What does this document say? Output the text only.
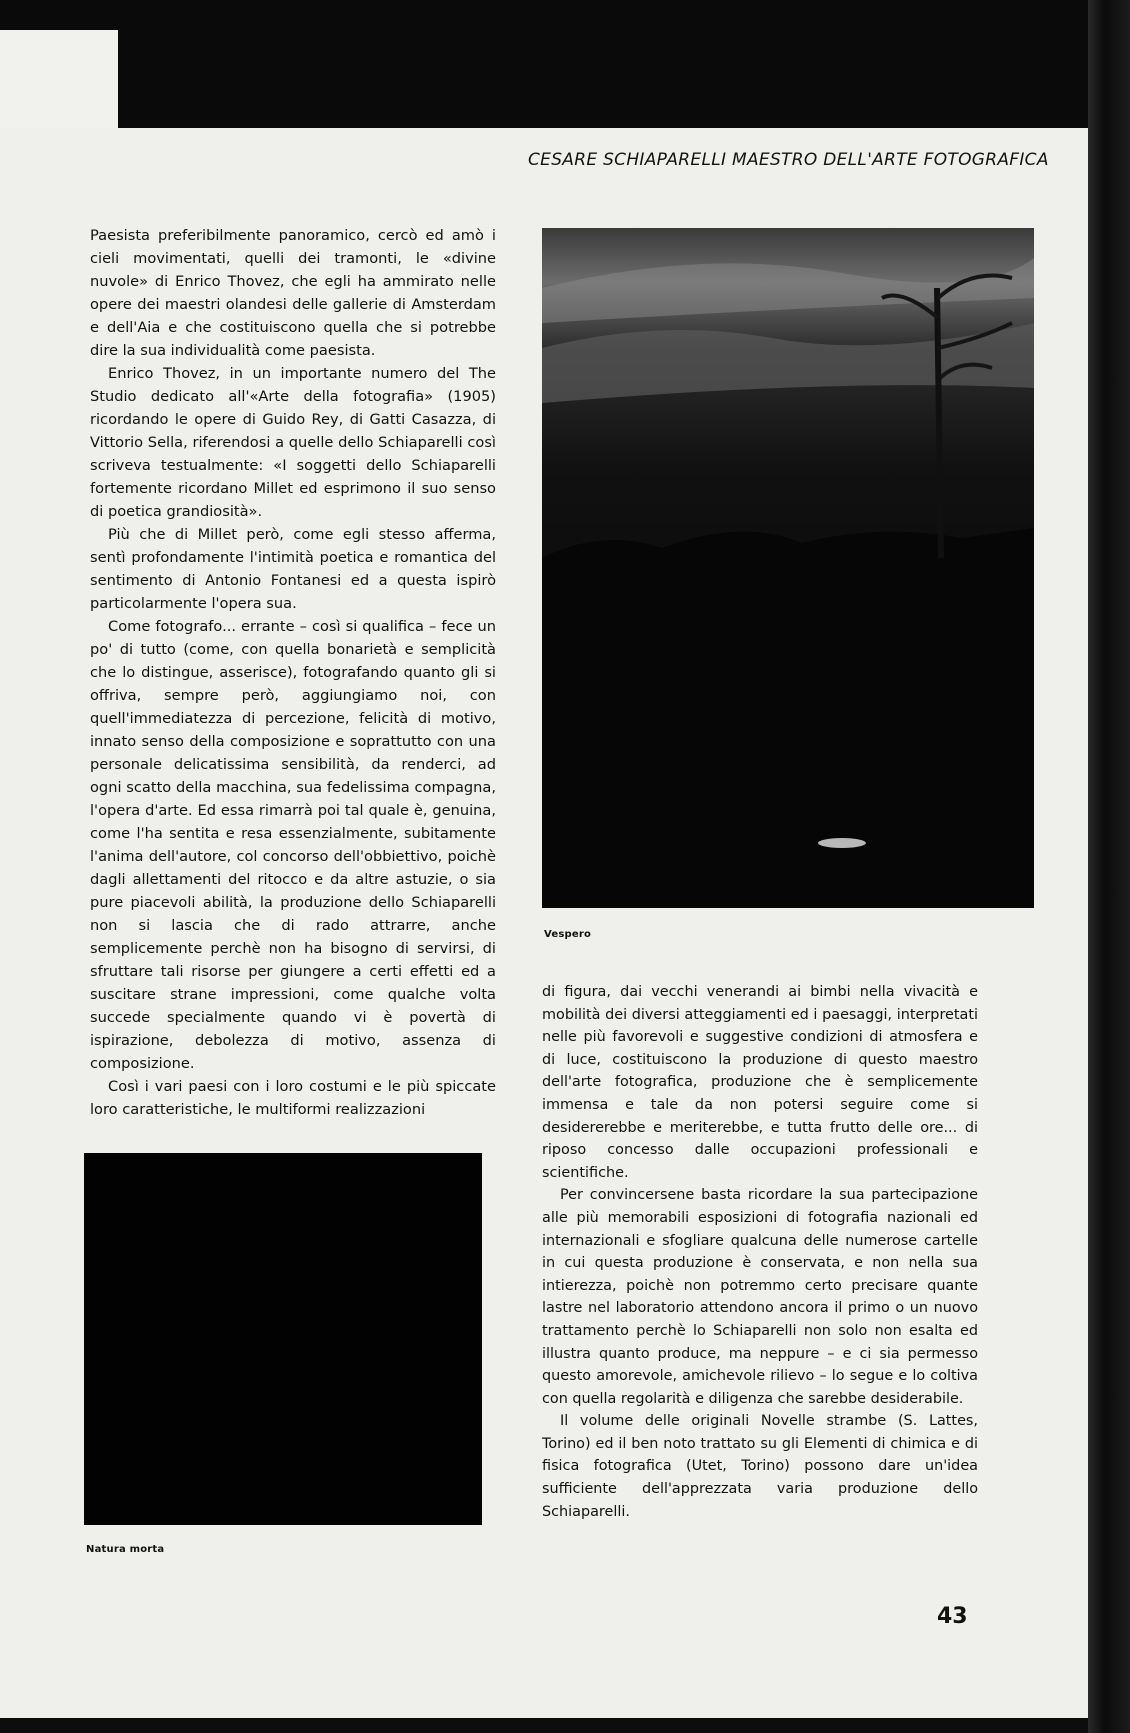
CESARE SCHIAPARELLI MAESTRO DELL'ARTE FOTOGRAFICA

Paesista preferibilmente panoramico, cercò ed amò i cieli movimentati, quelli dei tramonti, le «divine nuvole» di Enrico Thovez, che egli ha ammirato nelle opere dei maestri olandesi delle gallerie di Amsterdam e dell'Aia e che costituiscono quella che si potrebbe dire la sua individualità come paesista.

Enrico Thovez, in un importante numero del The Studio dedicato all'«Arte della fotografia» (1905) ricordando le opere di Guido Rey, di Gatti Casazza, di Vittorio Sella, riferendosi a quelle dello Schiaparelli così scriveva testualmente: «I soggetti dello Schiaparelli fortemente ricordano Millet ed esprimono il suo senso di poetica grandiosità».

Più che di Millet però, come egli stesso afferma, sentì profondamente l'intimità poetica e romantica del sentimento di Antonio Fontanesi ed a questa ispirò particolarmente l'opera sua.

Come fotografo... errante – così si qualifica – fece un po' di tutto (come, con quella bonarietà e semplicità che lo distingue, asserisce), fotografando quanto gli si offriva, sempre però, aggiungiamo noi, con quell'immediatezza di percezione, felicità di motivo, innato senso della composizione e soprattutto con una personale delicatissima sensibilità, da renderci, ad ogni scatto della macchina, sua fedelissima compagna, l'opera d'arte. Ed essa rimarrà poi tal quale è, genuina, come l'ha sentita e resa essenzialmente, subitamente l'anima dell'autore, col concorso dell'obbiettivo, poichè dagli allettamenti del ritocco e da altre astuzie, o sia pure piacevoli abilità, la produzione dello Schiaparelli non si lascia che di rado attrarre, anche semplicemente perchè non ha bisogno di servirsi, di sfruttare tali risorse per giungere a certi effetti ed a suscitare strane impressioni, come qualche volta succede specialmente quando vi è povertà di ispirazione, debolezza di motivo, assenza di composizione.

Così i vari paesi con i loro costumi e le più spiccate loro caratteristiche, le multiformi realizzazioni

Vespero

di figura, dai vecchi venerandi ai bimbi nella vivacità e mobilità dei diversi atteggiamenti ed i paesaggi, interpretati nelle più favorevoli e suggestive condizioni di atmosfera e di luce, costituiscono la produzione di questo maestro dell'arte fotografica, produzione che è semplicemente immensa e tale da non potersi seguire come si desidererebbe e meriterebbe, e tutta frutto delle ore... di riposo concesso dalle occupazioni professionali e scientifiche.

Per convincersene basta ricordare la sua partecipazione alle più memorabili esposizioni di fotografia nazionali ed internazionali e sfogliare qualcuna delle numerose cartelle in cui questa produzione è conservata, e non nella sua intierezza, poichè non potremmo certo precisare quante lastre nel laboratorio attendono ancora il primo o un nuovo trattamento perchè lo Schiaparelli non solo non esalta ed illustra quanto produce, ma neppure – e ci sia permesso questo amorevole, amichevole rilievo – lo segue e lo coltiva con quella regolarità e diligenza che sarebbe desiderabile.

Il volume delle originali Novelle strambe (S. Lattes, Torino) ed il ben noto trattato su gli Elementi di chimica e di fisica fotografica (Utet, Torino) possono dare un'idea sufficiente dell'apprezzata varia produzione dello Schiaparelli.

Natura morta
43
